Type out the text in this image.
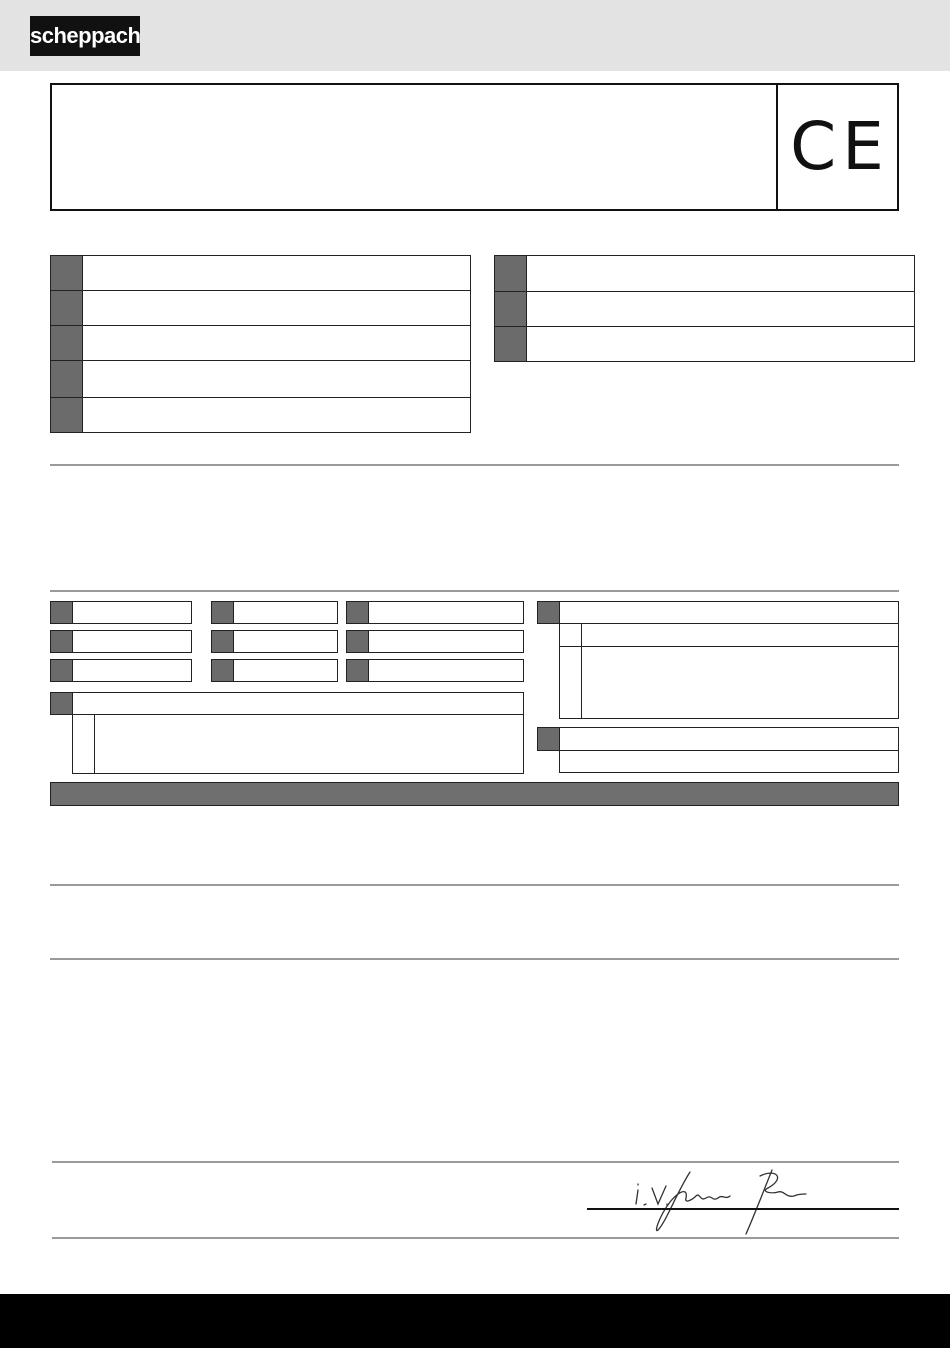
scheppach
CE
